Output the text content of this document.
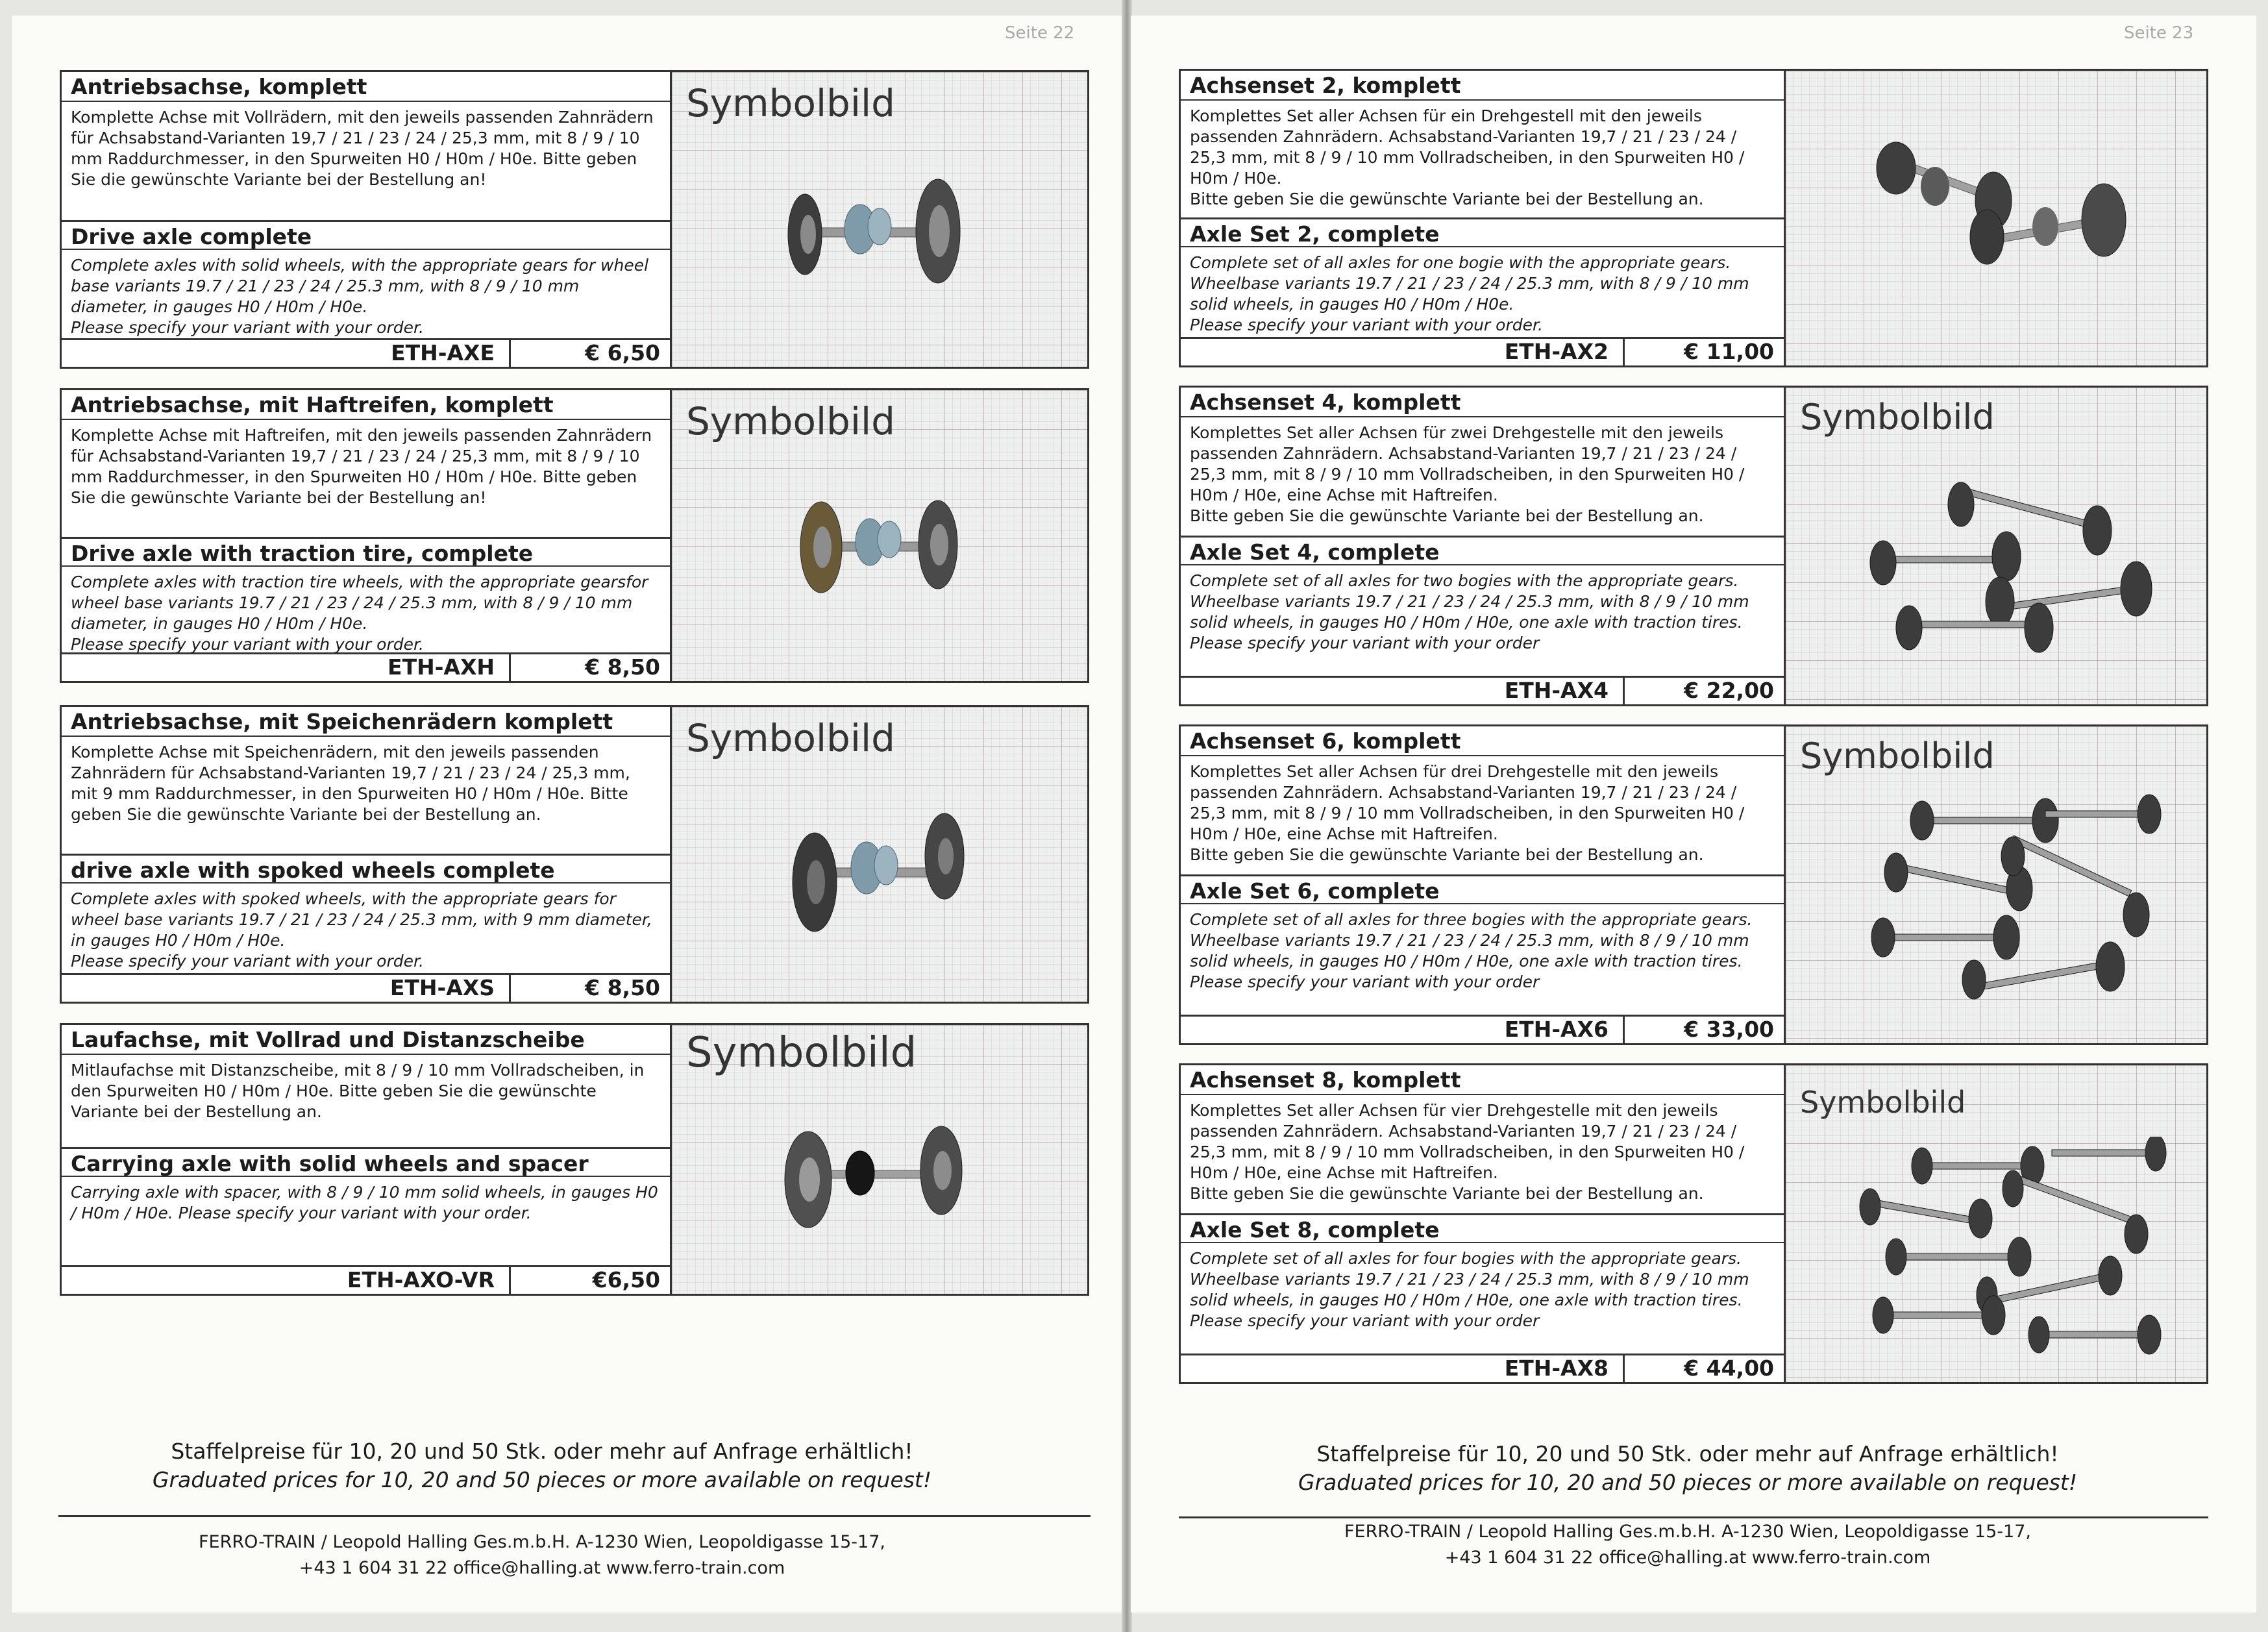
Seite 22	Seite 23
Antriebsachse, komplett
Komplette Achse mit Vollrädern, mit den jeweils passenden Zahnrädern für Achsabstand-Varianten 19,7 / 21 / 23 / 24 / 25,3 mm, mit 8 / 9 / 10 mm Raddurchmesser, in den Spurweiten H0 / H0m / H0e. Bitte geben Sie die gewünschte Variante bei der Bestellung an!
Drive axle complete
Complete axles with solid wheels, with the appropriate gears for wheel base variants 19.7 / 21 / 23 / 24 / 25.3 mm, with 8 / 9 / 10 mm diameter, in gauges H0 / H0m / H0e.
Please specify your variant with your order.
ETH-AXE	€ 6,50
Symbolbild
Antriebsachse, mit Haftreifen, komplett
Komplette Achse mit Haftreifen, mit den jeweils passenden Zahnrädern für Achsabstand-Varianten 19,7 / 21 / 23 / 24 / 25,3 mm, mit 8 / 9 / 10 mm Raddurchmesser, in den Spurweiten H0 / H0m / H0e. Bitte geben Sie die gewünschte Variante bei der Bestellung an!
Drive axle with traction tire, complete
Complete axles with traction tire wheels, with the appropriate gearsfor wheel base variants 19.7 / 21 / 23 / 24 / 25.3 mm, with 8 / 9 / 10 mm diameter, in gauges H0 / H0m / H0e.
Please specify your variant with your order.
ETH-AXH	€ 8,50
Symbolbild
Antriebsachse, mit Speichenrädern komplett
Komplette Achse mit Speichenrädern, mit den jeweils passenden Zahnrädern für Achsabstand-Varianten 19,7 / 21 / 23 / 24 / 25,3 mm, mit 9 mm Raddurchmesser, in den Spurweiten H0 / H0m / H0e. Bitte geben Sie die gewünschte Variante bei der Bestellung an.
drive axle with spoked wheels complete
Complete axles with spoked wheels, with the appropriate gears for wheel base variants 19.7 / 21 / 23 / 24 / 25.3 mm, with 9 mm diameter, in gauges H0 / H0m / H0e.
Please specify your variant with your order.
ETH-AXS	€ 8,50
Symbolbild
Laufachse, mit Vollrad und Distanzscheibe
Mitlaufachse mit Distanzscheibe, mit 8 / 9 / 10 mm Vollradscheiben, in den Spurweiten H0 / H0m / H0e. Bitte geben Sie die gewünschte Variante bei der Bestellung an.
Carrying axle with solid wheels and spacer
Carrying axle with spacer, with 8 / 9 / 10 mm solid wheels, in gauges H0 / H0m / H0e. Please specify your variant with your order.
ETH-AXO-VR	€6,50
Symbolbild
Staffelpreise für 10, 20 und 50 Stk. oder mehr auf Anfrage erhältlich!
Graduated prices for 10, 20 and 50 pieces or more available on request!
FERRO-TRAIN / Leopold Halling Ges.m.b.H. A-1230 Wien, Leopoldigasse 15-17,
+43 1 604 31 22 office@halling.at www.ferro-train.com
Achsenset 2, komplett
Komplettes Set aller Achsen für ein Drehgestell mit den jeweils passenden Zahnrädern. Achsabstand-Varianten 19,7 / 21 / 23 / 24 / 25,3 mm, mit 8 / 9 / 10 mm Vollradscheiben, in den Spurweiten H0 / H0m / H0e.
Bitte geben Sie die gewünschte Variante bei der Bestellung an.
Axle Set 2, complete
Complete set of all axles for one bogie with the appropriate gears. Wheelbase variants 19.7 / 21 / 23 / 24 / 25.3 mm, with 8 / 9 / 10 mm solid wheels, in gauges H0 / H0m / H0e.
Please specify your variant with your order.
ETH-AX2	€ 11,00
Achsenset 4, komplett
Komplettes Set aller Achsen für zwei Drehgestelle mit den jeweils passenden Zahnrädern. Achsabstand-Varianten 19,7 / 21 / 23 / 24 / 25,3 mm, mit 8 / 9 / 10 mm Vollradscheiben, in den Spurweiten H0 / H0m / H0e, eine Achse mit Haftreifen.
Bitte geben Sie die gewünschte Variante bei der Bestellung an.
Axle Set 4, complete
Complete set of all axles for two bogies with the appropriate gears. Wheelbase variants 19.7 / 21 / 23 / 24 / 25.3 mm, with 8 / 9 / 10 mm solid wheels, in gauges H0 / H0m / H0e, one axle with traction tires.
Please specify your variant with your order
ETH-AX4	€ 22,00
Symbolbild
Achsenset 6, komplett
Komplettes Set aller Achsen für drei Drehgestelle mit den jeweils passenden Zahnrädern. Achsabstand-Varianten 19,7 / 21 / 23 / 24 / 25,3 mm, mit 8 / 9 / 10 mm Vollradscheiben, in den Spurweiten H0 / H0m / H0e, eine Achse mit Haftreifen.
Bitte geben Sie die gewünschte Variante bei der Bestellung an.
Axle Set 6, complete
Complete set of all axles for three bogies with the appropriate gears. Wheelbase variants 19.7 / 21 / 23 / 24 / 25.3 mm, with 8 / 9 / 10 mm solid wheels, in gauges H0 / H0m / H0e, one axle with traction tires.
Please specify your variant with your order
ETH-AX6	€ 33,00
Symbolbild
Achsenset 8, komplett
Komplettes Set aller Achsen für vier Drehgestelle mit den jeweils passenden Zahnrädern. Achsabstand-Varianten 19,7 / 21 / 23 / 24 / 25,3 mm, mit 8 / 9 / 10 mm Vollradscheiben, in den Spurweiten H0 / H0m / H0e, eine Achse mit Haftreifen.
Bitte geben Sie die gewünschte Variante bei der Bestellung an.
Axle Set 8, complete
Complete set of all axles for four bogies with the appropriate gears. Wheelbase variants 19.7 / 21 / 23 / 24 / 25.3 mm, with 8 / 9 / 10 mm solid wheels, in gauges H0 / H0m / H0e, one axle with traction tires.
Please specify your variant with your order
ETH-AX8	€ 44,00
Symbolbild
Staffelpreise für 10, 20 und 50 Stk. oder mehr auf Anfrage erhältlich!
Graduated prices for 10, 20 and 50 pieces or more available on request!
FERRO-TRAIN / Leopold Halling Ges.m.b.H. A-1230 Wien, Leopoldigasse 15-17,
+43 1 604 31 22 office@halling.at www.ferro-train.com
